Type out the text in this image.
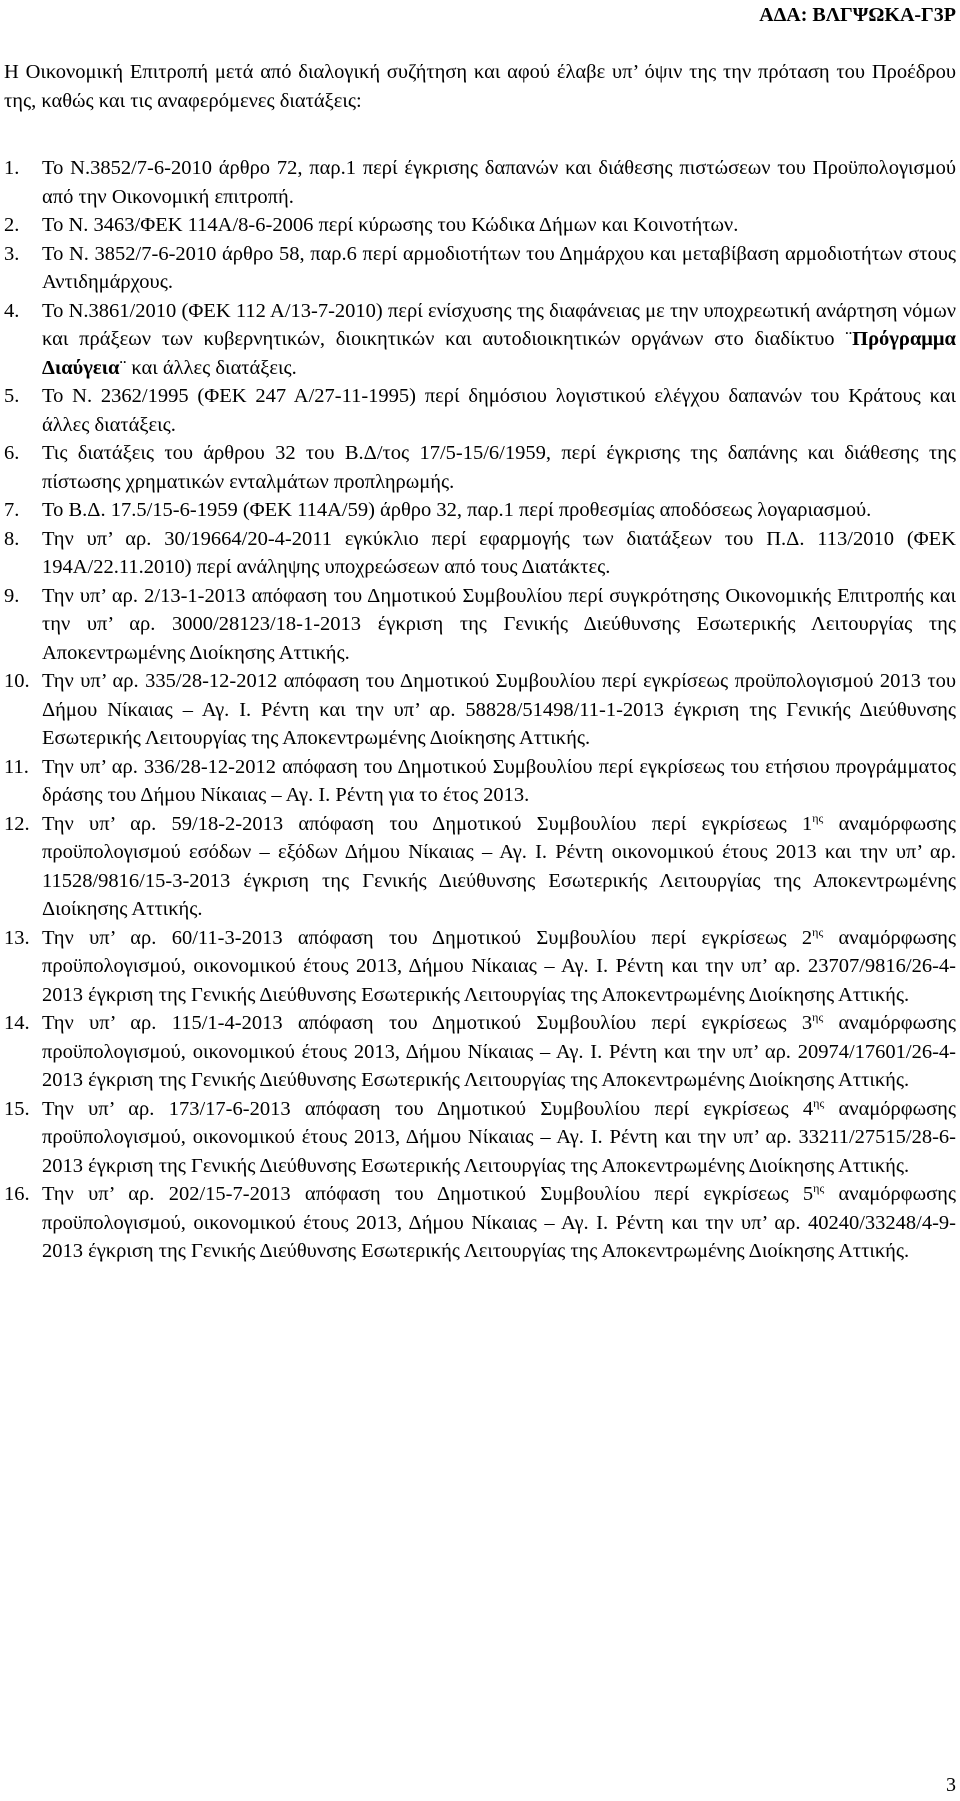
ΑΔΑ: ΒΛΓΨΩΚΑ-Γ3Ρ

Η Οικονομική Επιτροπή μετά από διαλογική συζήτηση και αφού έλαβε υπ’ όψιν της την πρόταση του Προέδρου της, καθώς και τις αναφερόμενες διατάξεις:

1. Το Ν.3852/7-6-2010 άρθρο 72, παρ.1 περί έγκρισης δαπανών και διάθεσης πιστώσεων του Προϋπολογισμού από την Οικονομική επιτροπή.
2. Το Ν. 3463/ΦΕΚ 114Α/8-6-2006 περί κύρωσης του Κώδικα Δήμων και Κοινοτήτων.
3. Το Ν. 3852/7-6-2010 άρθρο 58, παρ.6 περί αρμοδιοτήτων του Δημάρχου και μεταβίβαση αρμοδιοτήτων στους Αντιδημάρχους.
4. Το Ν.3861/2010 (ΦΕΚ 112 Α/13-7-2010) περί ενίσχυσης της διαφάνειας με την υποχρεωτική ανάρτηση νόμων και πράξεων των κυβερνητικών, διοικητικών και αυτοδιοικητικών οργάνων στο διαδίκτυο ¨Πρόγραμμα Διαύγεια¨ και άλλες διατάξεις.
5. Το Ν. 2362/1995 (ΦΕΚ 247 Α/27-11-1995) περί δημόσιου λογιστικού ελέγχου δαπανών του Κράτους και άλλες διατάξεις.
6. Τις διατάξεις του άρθρου 32 του Β.Δ/τος 17/5-15/6/1959, περί έγκρισης της δαπάνης και διάθεσης της πίστωσης χρηματικών ενταλμάτων προπληρωμής.
7. Το Β.Δ. 17.5/15-6-1959 (ΦΕΚ 114Α/59) άρθρο 32, παρ.1 περί προθεσμίας αποδόσεως λογαριασμού.
8. Την υπ’ αρ. 30/19664/20-4-2011 εγκύκλιο περί εφαρμογής των διατάξεων του Π.Δ. 113/2010 (ΦΕΚ 194Α/22.11.2010) περί ανάληψης υποχρεώσεων από τους Διατάκτες.
9. Την υπ’ αρ. 2/13-1-2013 απόφαση του Δημοτικού Συμβουλίου περί συγκρότησης Οικονομικής Επιτροπής και την υπ’ αρ. 3000/28123/18-1-2013 έγκριση της Γενικής Διεύθυνσης Εσωτερικής Λειτουργίας της Αποκεντρωμένης Διοίκησης Αττικής.
10. Την υπ’ αρ. 335/28-12-2012 απόφαση του Δημοτικού Συμβουλίου περί εγκρίσεως προϋπολογισμού 2013 του Δήμου Νίκαιας – Αγ. Ι. Ρέντη και την υπ’ αρ. 58828/51498/11-1-2013 έγκριση της Γενικής Διεύθυνσης Εσωτερικής Λειτουργίας της Αποκεντρωμένης Διοίκησης Αττικής.
11. Την υπ’ αρ. 336/28-12-2012 απόφαση του Δημοτικού Συμβουλίου περί εγκρίσεως του ετήσιου προγράμματος δράσης του Δήμου Νίκαιας – Αγ. Ι. Ρέντη για το έτος 2013.
12. Την υπ’ αρ. 59/18-2-2013 απόφαση του Δημοτικού Συμβουλίου περί εγκρίσεως $1^{\eta\varsigma}$ αναμόρφωσης προϋπολογισμού εσόδων – εξόδων Δήμου Νίκαιας – Αγ. Ι. Ρέντη οικονομικού έτους 2013 και την υπ’ αρ. 11528/9816/15-3-2013 έγκριση της Γενικής Διεύθυνσης Εσωτερικής Λειτουργίας της Αποκεντρωμένης Διοίκησης Αττικής.
13. Την υπ’ αρ. 60/11-3-2013 απόφαση του Δημοτικού Συμβουλίου περί εγκρίσεως $2^{\eta\varsigma}$ αναμόρφωσης προϋπολογισμού, οικονομικού έτους 2013, Δήμου Νίκαιας – Αγ. Ι. Ρέντη και την υπ’ αρ. 23707/9816/26-4-2013 έγκριση της Γενικής Διεύθυνσης Εσωτερικής Λειτουργίας της Αποκεντρωμένης Διοίκησης Αττικής.
14. Την υπ’ αρ. 115/1-4-2013 απόφαση του Δημοτικού Συμβουλίου περί εγκρίσεως $3^{\eta\varsigma}$ αναμόρφωσης προϋπολογισμού, οικονομικού έτους 2013, Δήμου Νίκαιας – Αγ. Ι. Ρέντη και την υπ’ αρ. 20974/17601/26-4-2013 έγκριση της Γενικής Διεύθυνσης Εσωτερικής Λειτουργίας της Αποκεντρωμένης Διοίκησης Αττικής.
15. Την υπ’ αρ. 173/17-6-2013 απόφαση του Δημοτικού Συμβουλίου περί εγκρίσεως $4^{\eta\varsigma}$ αναμόρφωσης προϋπολογισμού, οικονομικού έτους 2013, Δήμου Νίκαιας – Αγ. Ι. Ρέντη και την υπ’ αρ. 33211/27515/28-6-2013 έγκριση της Γενικής Διεύθυνσης Εσωτερικής Λειτουργίας της Αποκεντρωμένης Διοίκησης Αττικής.
16. Την υπ’ αρ. 202/15-7-2013 απόφαση του Δημοτικού Συμβουλίου περί εγκρίσεως $5^{\eta\varsigma}$ αναμόρφωσης προϋπολογισμού, οικονομικού έτους 2013, Δήμου Νίκαιας – Αγ. Ι. Ρέντη και την υπ’ αρ. 40240/33248/4-9-2013 έγκριση της Γενικής Διεύθυνσης Εσωτερικής Λειτουργίας της Αποκεντρωμένης Διοίκησης Αττικής.
3
